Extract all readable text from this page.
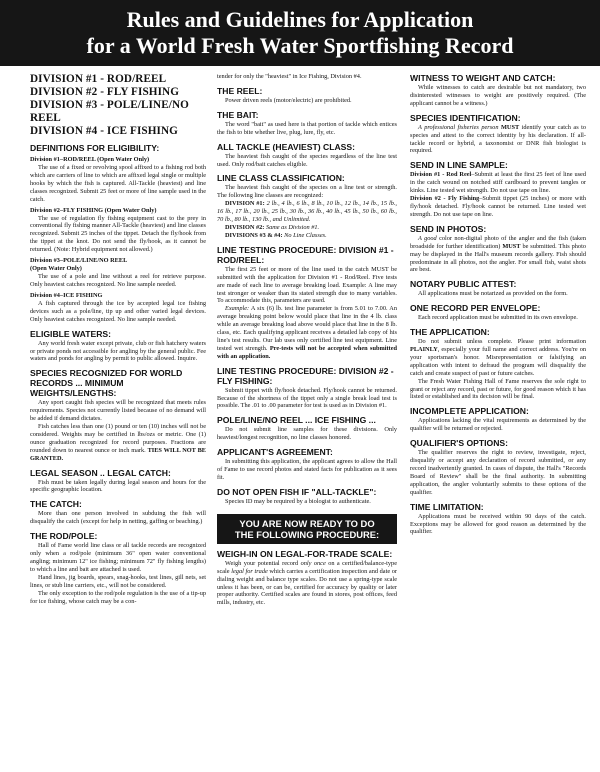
Rules and Guidelines for Application
for a World Fresh Water Sportfishing Record
DIVISION #1 - ROD/REEL
DIVISION #2 - FLY FISHING
DIVISION #3 - POLE/LINE/NO REEL
DIVISION #4 - ICE FISHING
DEFINITIONS FOR ELIGIBILITY:
Division #1–ROD/REEL (Open Water Only)

The use of a fixed or revolving spool affixed to a fishing rod both which are carriers of line to which are affixed legal single or multiple hooks by which the fish is captured. All-Tackle (heaviest) and line classes recognized. Submit 25 feet or more of line sample used in the catch.

Division #2–FLY FISHING (Open Water Only)

The use of regulation fly fishing equipment cast to the prey in conventional fly fishing manner All-Tackle (heaviest) and line classes recognized. Submit 25 inches of the tippet. Detach the fly/hook from the tippet at the knot. Do not send the fly/hook, as it cannot be returned. (Note: Hybrid equipment not allowed.)

Division #3–POLE/LINE/NO REEL
(Open Water Only)

The use of a pole and line without a reel for retrieve purpose. Only heaviest catches recognized. No line sample needed.

Division #4–ICE FISHING

A fish captured through the ice by accepted legal ice fishing devices such as a pole/line, tip up and other varied legal devices. Only heaviest catches recognized. No line sample needed.

ELIGIBLE WATERS:

Any world fresh water except private, club or fish hatchery waters or private ponds not accessible for angling by the general public. Fee waters and ponds for angling by permit to public allowed. Inquire.

SPECIES RECOGNIZED FOR WORLD RECORDS ... MINIMUM WEIGHTS/LENGTHS:

Any sport caught fish species will be recognized that meets rules requirements. Species not currently listed because of no demand will be added if demand dictates.

Fish catches less than one (1) pound or ten (10) inches will not be considered. Weights may be certified in lbs/ozs or metric. One (1) ounce graduation recognized for record purposes. Fractions are rounded down to nearest ounce or inch mark. TIES WILL NOT BE GRANTED.

LEGAL SEASON .. LEGAL CATCH:

Fish must be taken legally during legal season and hours for the specific geographic location.

THE CATCH:

More than one person involved in subduing the fish will disqualify the catch (except for help in netting, gaffing or beaching.)

THE ROD/POLE:

Hall of Fame world line class or all tackle records are recognized only when a rod/pole (minimum 36" open water conventional angling; minimum 12" ice fishing; minimum 72" fly fishing lengths) to which a line and bait are attached is used.

Hand lines, jig boards, spears, snag-hooks, test lines, gill nets, set lines, or stub line carriers, etc., will not be considered.

The only exception to the rod/pole regulation is the use of a tip-up for ice fishing, whose catch may be a con-

tender for only the "heaviest" in Ice Fishing, Division #4.

THE REEL:

Power driven reels (motor/electric) are prohibited.

THE BAIT:

The word "bait" as used here is that portion of tackle which entices the fish to bite whether live, plug, lure, fly, etc.

ALL TACKLE (HEAVIEST) CLASS:

The heaviest fish caught of the species regardless of the line test used. Only rod/bait catches eligible.

LINE CLASS CLASSIFICATION:

The heaviest fish caught of the species on a line test or strength. The following line classes are recognized:

DIVISION #1: 2 lb., 4 lb., 6 lb., 8 lb., 10 lb., 12 lb., 14 lb., 15 lb., 16 lb., 17 lb., 20 lb., 25 lb., 30 lb., 36 lb., 40 lb., 45 lb., 50 lb., 60 lb., 70 lb., 80 lb., 130 lb., and Unlimited.

DIVISION #2: Same as Division #1.

DIVISIONS #3 & #4: No Line Classes.

LINE TESTING PROCEDURE: DIVISION #1 - ROD/REEL:

The first 25 feet or more of the line used in the catch MUST be submitted with the application for Division #1 - Rod/Reel. Five tests are made of each line to average breaking load. Example: A line may test stronger or weaker than its stated strength due to many variables. To accommodate this, parameters are used.

Example: A six (6) lb. test line parameter is from 5.01 to 7.00. An average breaking point below would place that line in the 4 lb. class while an average breaking load above would place that line in the 8 lb. class, etc. Each qualifying applicant receives a detailed lab copy of his line's test results. Our lab uses only certified line test equipment. Line tested wet strength. Pre-tests will not be accepted when submitted with an application.

LINE TESTING PROCEDURE: DIVISION #2 - FLY FISHING:

Submit tippet with fly/hook detached. Fly/hook cannot be returned. Because of the shortness of the tippet only a single break load test is possible. The .01 to .00 parameter for test is used as in Division #1.

POLE/LINE/NO REEL ... ICE FISHING ...

Do not submit line samples for these divisions. Only heaviest/longest recognition, no line classes honored.

APPLICANT'S AGREEMENT:

In submitting this application, the applicant agrees to allow the Hall of Fame to use record photos and stated facts for publication as it sees fit.

DO NOT OPEN FISH IF "ALL-TACKLE":

Species ID may be required by a biologist to authenticate.

YOU ARE NOW READY TO DO
THE FOLLOWING PROCEDURE:
WEIGH-IN ON LEGAL-FOR-TRADE SCALE:

Weigh your potential record only once on a certified/balance-type scale legal for trade which carries a certification inspection and date or dialing weight and balance type scales. Do not use a spring-type scale unless it has been, or can be, certified for accuracy by quality or later proper authority. Certified scales are found in stores, post offices, feed mills, industry, etc.

WITNESS TO WEIGHT AND CATCH:

While witnesses to catch are desirable but not mandatory, two disinterested witnesses to weight are positively required. (The applicant cannot be a witness.)

SPECIES IDENTIFICATION:

A professional fisheries person MUST identify your catch as to species and attest to the correct identity by his declaration. If all-tackle record or hybrid, a taxonomist or DNR fish biologist is required.

SEND IN LINE SAMPLE:

Division #1 - Rod Reel–Submit at least the first 25 feet of line used in the catch wound on notched stiff cardboard to prevent tangles or kinks. Line tested wet strength. Do not use tape on line.

Division #2 - Fly Fishing–Submit tippet (25 inches) or more with fly/hook detached. Fly/hook cannot be returned. Line tested wet strength. Do not use tape on line.

SEND IN PHOTOS:

A good color non-digital photo of the angler and the fish (taken broadside for further identification) MUST be submitted. This photo may be displayed in the Hall's museum records gallery. Fish should predominate in all photos, not the angler. For small fish, waist shots are best.

NOTARY PUBLIC ATTEST:

All applications must be notarized as provided on the form.

ONE RECORD PER ENVELOPE:

Each record application must be submitted in its own envelope.

THE APPLICATION:

Do not submit unless complete. Please print information PLAINLY, especially your full name and correct address. You're on your sportsman's honor. Misrepresentation or falsifying an application with intent to defraud the program will disqualify the catch and create suspect of past or future catches.

The Fresh Water Fishing Hall of Fame reserves the sole right to grant or reject any record, past or future, for good reason which it has listed or established and its decision will be final.

INCOMPLETE APPLICATION:

Applications lacking the vital requirements as determined by the qualifier will be returned or rejected.

QUALIFIER'S OPTIONS:

The qualifier reserves the right to review, investigate, reject, disqualify or accept any declaration of record submitted, or any record inadvertently granted. In cases of dispute, the Hall's "Records Board of Review" shall be the final authority. In submitting application, the angler voluntarily submits to these options of the qualifier.

TIME LIMITATION:

Applications must be received within 90 days of the catch. Exceptions may be allowed for good reason as determined by the qualifier.
